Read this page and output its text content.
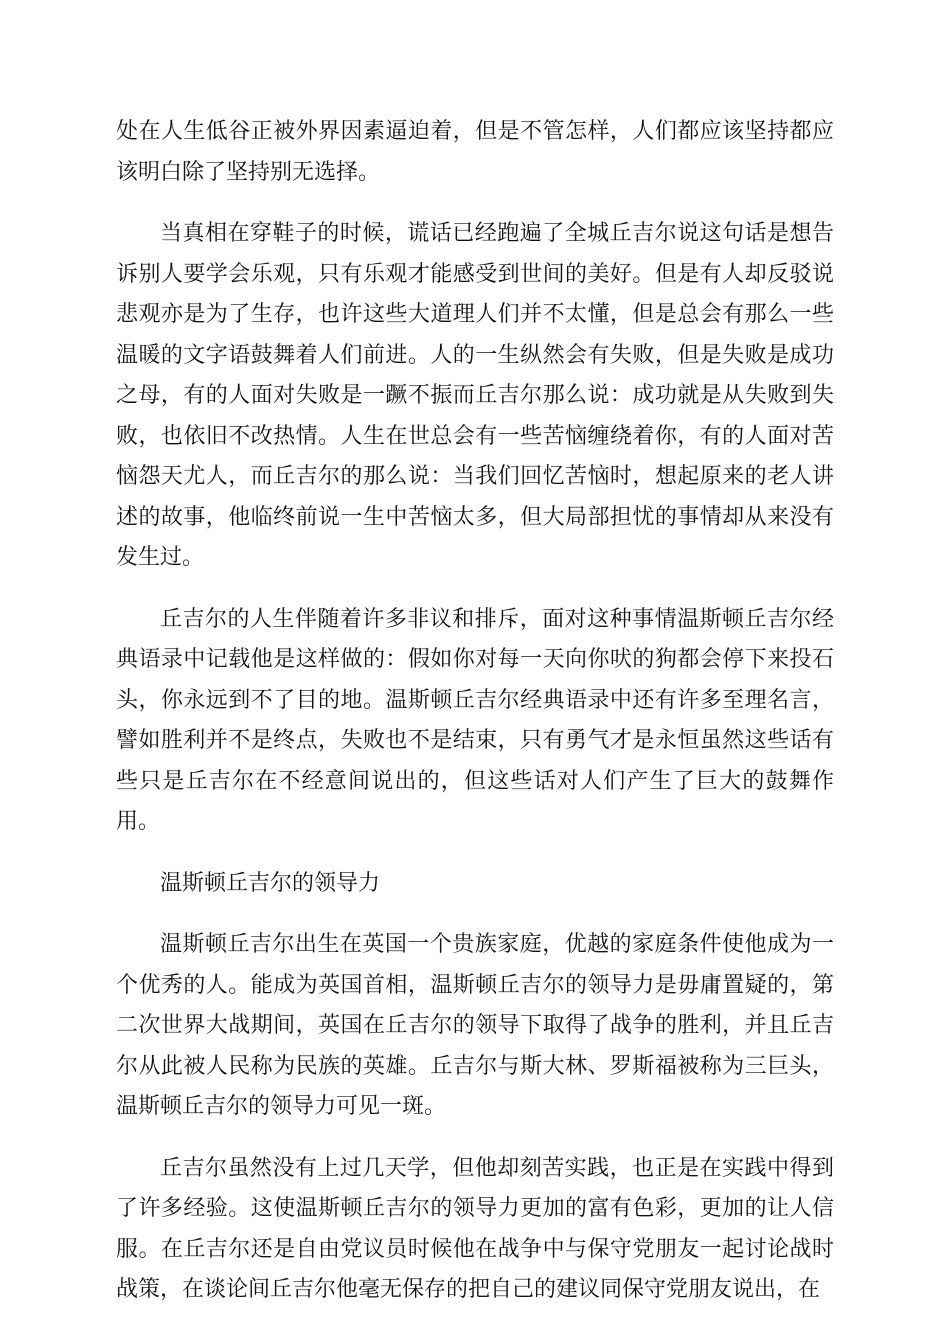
处在人生低谷正被外界因素逼迫着，但是不管怎样，人们都应该坚持都应该明白除了坚持别无选择。

当真相在穿鞋子的时候，谎话已经跑遍了全城丘吉尔说这句话是想告诉别人要学会乐观，只有乐观才能感受到世间的美好。但是有人却反驳说悲观亦是为了生存，也许这些大道理人们并不太懂，但是总会有那么一些温暖的文字语鼓舞着人们前进。人的一生纵然会有失败，但是失败是成功之母，有的人面对失败是一蹶不振而丘吉尔那么说：成功就是从失败到失败，也依旧不改热情。人生在世总会有一些苦恼缠绕着你，有的人面对苦恼怨天尤人，而丘吉尔的那么说：当我们回忆苦恼时，想起原来的老人讲述的故事，他临终前说一生中苦恼太多，但大局部担忧的事情却从来没有发生过。

丘吉尔的人生伴随着许多非议和排斥，面对这种事情温斯顿丘吉尔经典语录中记载他是这样做的：假如你对每一天向你吠的狗都会停下来投石头，你永远到不了目的地。温斯顿丘吉尔经典语录中还有许多至理名言，譬如胜利并不是终点，失败也不是结束，只有勇气才是永恒虽然这些话有些只是丘吉尔在不经意间说出的，但这些话对人们产生了巨大的鼓舞作用。

温斯顿丘吉尔的领导力

温斯顿丘吉尔出生在英国一个贵族家庭，优越的家庭条件使他成为一个优秀的人。能成为英国首相，温斯顿丘吉尔的领导力是毋庸置疑的，第二次世界大战期间，英国在丘吉尔的领导下取得了战争的胜利，并且丘吉尔从此被人民称为民族的英雄。丘吉尔与斯大林、罗斯福被称为三巨头，温斯顿丘吉尔的领导力可见一斑。

丘吉尔虽然没有上过几天学，但他却刻苦实践，也正是在实践中得到了许多经验。这使温斯顿丘吉尔的领导力更加的富有色彩，更加的让人信服。在丘吉尔还是自由党议员时候他在战争中与保守党朋友一起讨论战时战策，在谈论间丘吉尔他毫无保存的把自己的建议同保守党朋友说出，在
